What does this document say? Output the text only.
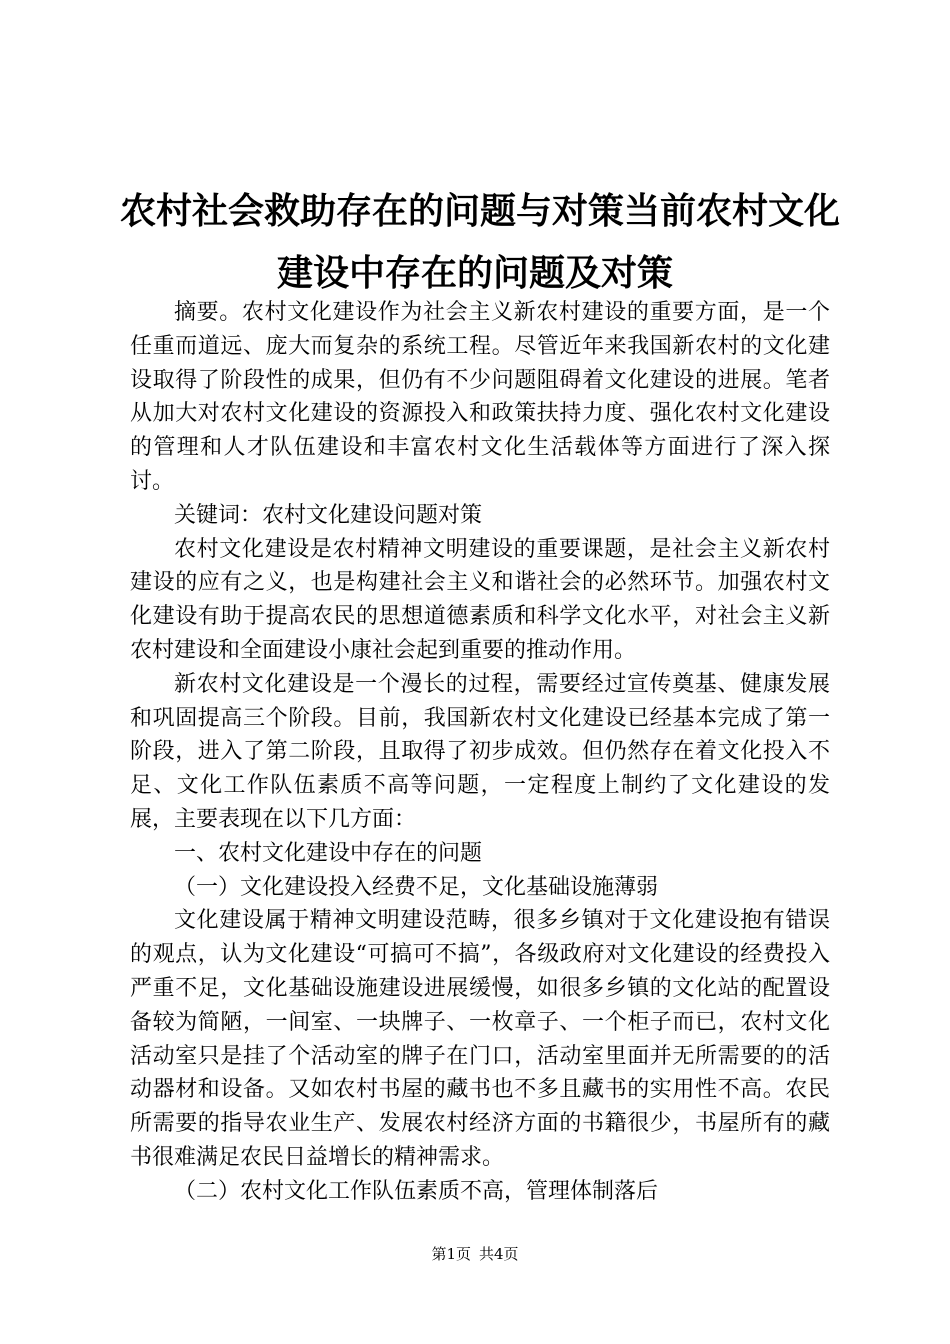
农村社会救助存在的问题与对策当前农村文化
建设中存在的问题及对策

摘要。农村文化建设作为社会主义新农村建设的重要方面，是一个任重而道远、庞大而复杂的系统工程。尽管近年来我国新农村的文化建设取得了阶段性的成果，但仍有不少问题阻碍着文化建设的进展。笔者从加大对农村文化建设的资源投入和政策扶持力度、强化农村文化建设的管理和人才队伍建设和丰富农村文化生活载体等方面进行了深入探讨。

关键词：农村文化建设问题对策

农村文化建设是农村精神文明建设的重要课题，是社会主义新农村建设的应有之义，也是构建社会主义和谐社会的必然环节。加强农村文化建设有助于提高农民的思想道德素质和科学文化水平，对社会主义新农村建设和全面建设小康社会起到重要的推动作用。

新农村文化建设是一个漫长的过程，需要经过宣传奠基、健康发展和巩固提高三个阶段。目前，我国新农村文化建设已经基本完成了第一阶段，进入了第二阶段，且取得了初步成效。但仍然存在着文化投入不足、文化工作队伍素质不高等问题，一定程度上制约了文化建设的发展，主要表现在以下几方面：

一、农村文化建设中存在的问题

（一）文化建设投入经费不足，文化基础设施薄弱

文化建设属于精神文明建设范畴，很多乡镇对于文化建设抱有错误的观点，认为文化建设“可搞可不搞”，各级政府对文化建设的经费投入严重不足，文化基础设施建设进展缓慢，如很多乡镇的文化站的配置设备较为简陋，一间室、一块牌子、一枚章子、一个柜子而已，农村文化活动室只是挂了个活动室的牌子在门口，活动室里面并无所需要的的活动器材和设备。又如农村书屋的藏书也不多且藏书的实用性不高。农民所需要的指导农业生产、发展农村经济方面的书籍很少，书屋所有的藏书很难满足农民日益增长的精神需求。

（二）农村文化工作队伍素质不高，管理体制落后

第1页 共4页
